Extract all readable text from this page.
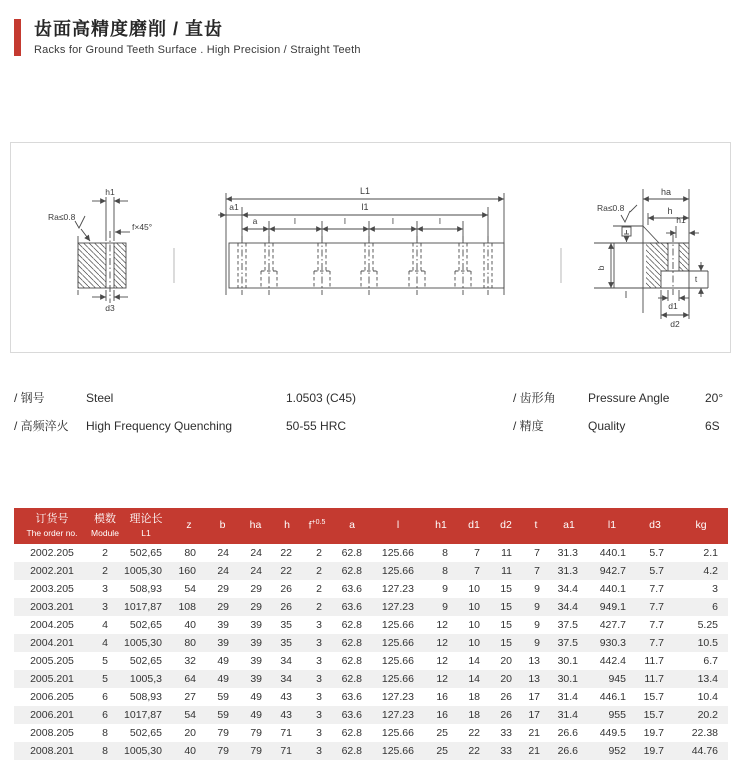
齿面高精度磨削 / 直齿
Racks for Ground Teeth Surface . High Precision / Straight Teeth
h1
Ra≤0.8
f×45°
d3
L1
a1	l1
a	l	l	l	l
ha
h
h1
Ra≤0.8
b
t
d1
d2
/ 钢号	Steel	1.0503 (C45)
/ 高频淬火	High Frequency Quenching	50-55 HRC
/ 齿形角	Pressure Angle	20°
/ 精度	Quality	6S
订货号
The order no.

模数
Module

理论长
L1
	z	b	ha	h	$f^{+0.5}$	a	l	h1	d1	d2	t	a1	l1	d3	kg
2002.205	2	502,65	80	24	24	22	2	62.8	125.66	8	7	11	7	31.3	440.1	5.7	2.1
2002.201	2	1005,30	160	24	24	22	2	62.8	125.66	8	7	11	7	31.3	942.7	5.7	4.2
2003.205	3	508,93	54	29	29	26	2	63.6	127.23	9	10	15	9	34.4	440.1	7.7	3
2003.201	3	1017,87	108	29	29	26	2	63.6	127.23	9	10	15	9	34.4	949.1	7.7	6
2004.205	4	502,65	40	39	39	35	3	62.8	125.66	12	10	15	9	37.5	427.7	7.7	5.25
2004.201	4	1005,30	80	39	39	35	3	62.8	125.66	12	10	15	9	37.5	930.3	7.7	10.5
2005.205	5	502,65	32	49	39	34	3	62.8	125.66	12	14	20	13	30.1	442.4	11.7	6.7
2005.201	5	1005,3	64	49	39	34	3	62.8	125.66	12	14	20	13	30.1	945	11.7	13.4
2006.205	6	508,93	27	59	49	43	3	63.6	127.23	16	18	26	17	31.4	446.1	15.7	10.4
2006.201	6	1017,87	54	59	49	43	3	63.6	127.23	16	18	26	17	31.4	955	15.7	20.2
2008.205	8	502,65	20	79	79	71	3	62.8	125.66	25	22	33	21	26.6	449.5	19.7	22.38
2008.201	8	1005,30	40	79	79	71	3	62.8	125.66	25	22	33	21	26.6	952	19.7	44.76
